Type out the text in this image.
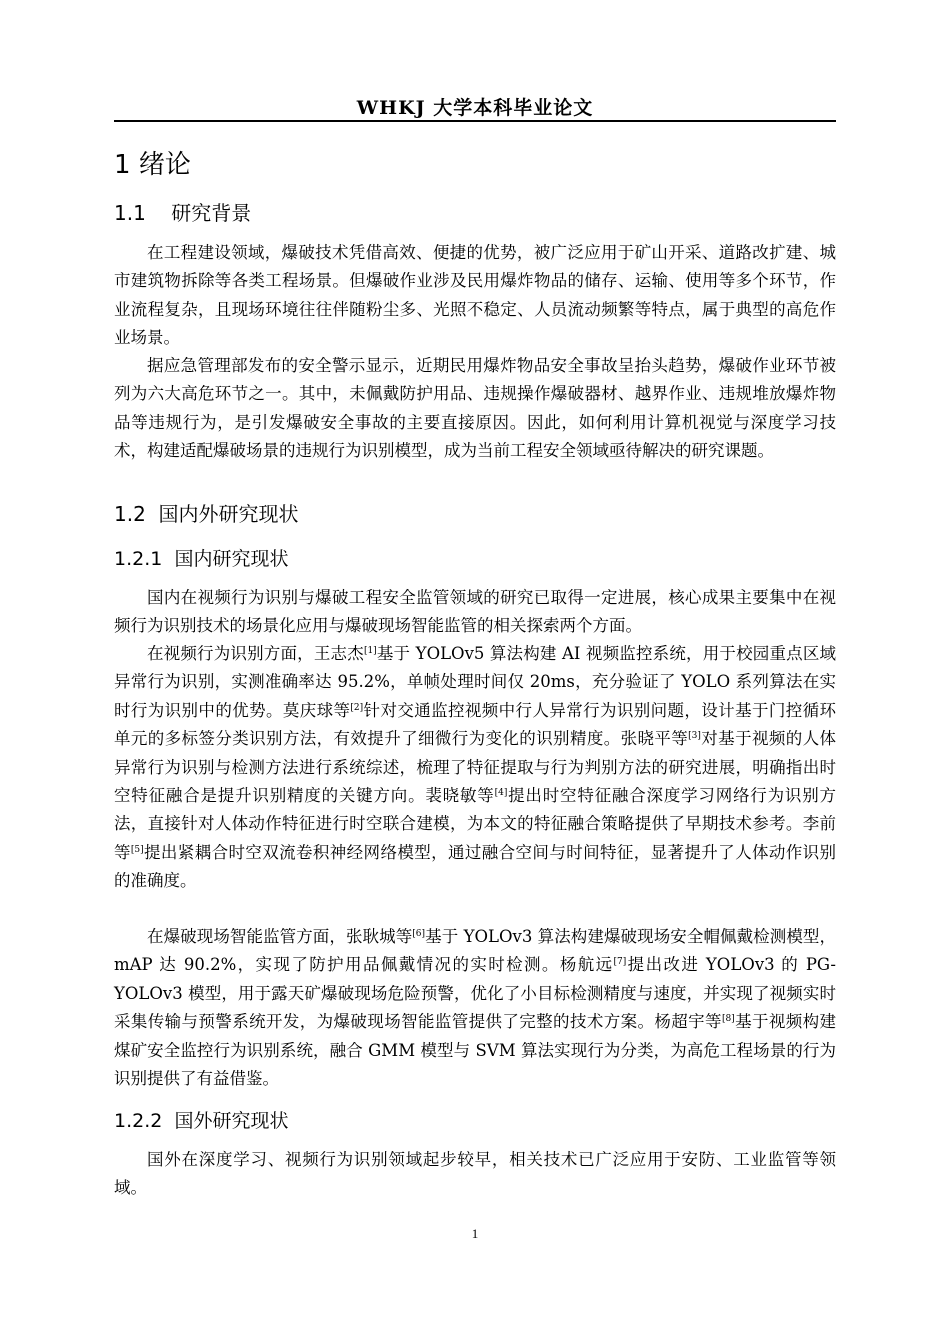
WHKJ 大学本科毕业论文
1 绪论
1.1 研究背景

在工程建设领域，爆破技术凭借高效、便捷的优势，被广泛应用于矿山开采、道路改扩建、城市建筑物拆除等各类工程场景。但爆破作业涉及民用爆炸物品的储存、运输、使用等多个环节，作业流程复杂，且现场环境往往伴随粉尘多、光照不稳定、人员流动频繁等特点，属于典型的高危作业场景。

据应急管理部发布的安全警示显示，近期民用爆炸物品安全事故呈抬头趋势，爆破作业环节被列为六大高危环节之一。其中，未佩戴防护用品、违规操作爆破器材、越界作业、违规堆放爆炸物品等违规行为，是引发爆破安全事故的主要直接原因。因此，如何利用计算机视觉与深度学习技术，构建适配爆破场景的违规行为识别模型，成为当前工程安全领域亟待解决的研究课题。

1.2 国内外研究现状
1.2.1 国内研究现状

国内在视频行为识别与爆破工程安全监管领域的研究已取得一定进展，核心成果主要集中在视频行为识别技术的场景化应用与爆破现场智能监管的相关探索两个方面。

在视频行为识别方面，王志杰[1]基于 YOLOv5 算法构建 AI 视频监控系统，用于校园重点区域异常行为识别，实测准确率达 95.2%，单帧处理时间仅 20ms，充分验证了 YOLO 系列算法在实时行为识别中的优势。莫庆球等[2]针对交通监控视频中行人异常行为识别问题，设计基于门控循环单元的多标签分类识别方法，有效提升了细微行为变化的识别精度。张晓平等[3]对基于视频的人体异常行为识别与检测方法进行系统综述，梳理了特征提取与行为判别方法的研究进展，明确指出时空特征融合是提升识别精度的关键方向。裴晓敏等[4]提出时空特征融合深度学习网络行为识别方法，直接针对人体动作特征进行时空联合建模，为本文的特征融合策略提供了早期技术参考。李前等[5]提出紧耦合时空双流卷积神经网络模型，通过融合空间与时间特征，显著提升了人体动作识别的准确度。

在爆破现场智能监管方面，张耿城等[6]基于 YOLOv3 算法构建爆破现场安全帽佩戴检测模型，mAP 达 90.2%，实现了防护用品佩戴情况的实时检测。杨航远[7]提出改进 YOLOv3 的 PG-YOLOv3 模型，用于露天矿爆破现场危险预警，优化了小目标检测精度与速度，并实现了视频实时采集传输与预警系统开发，为爆破现场智能监管提供了完整的技术方案。杨超宇等[8]基于视频构建煤矿安全监控行为识别系统，融合 GMM 模型与 SVM 算法实现行为分类，为高危工程场景的行为识别提供了有益借鉴。

1.2.2 国外研究现状

国外在深度学习、视频行为识别领域起步较早，相关技术已广泛应用于安防、工业监管等领域。

1
